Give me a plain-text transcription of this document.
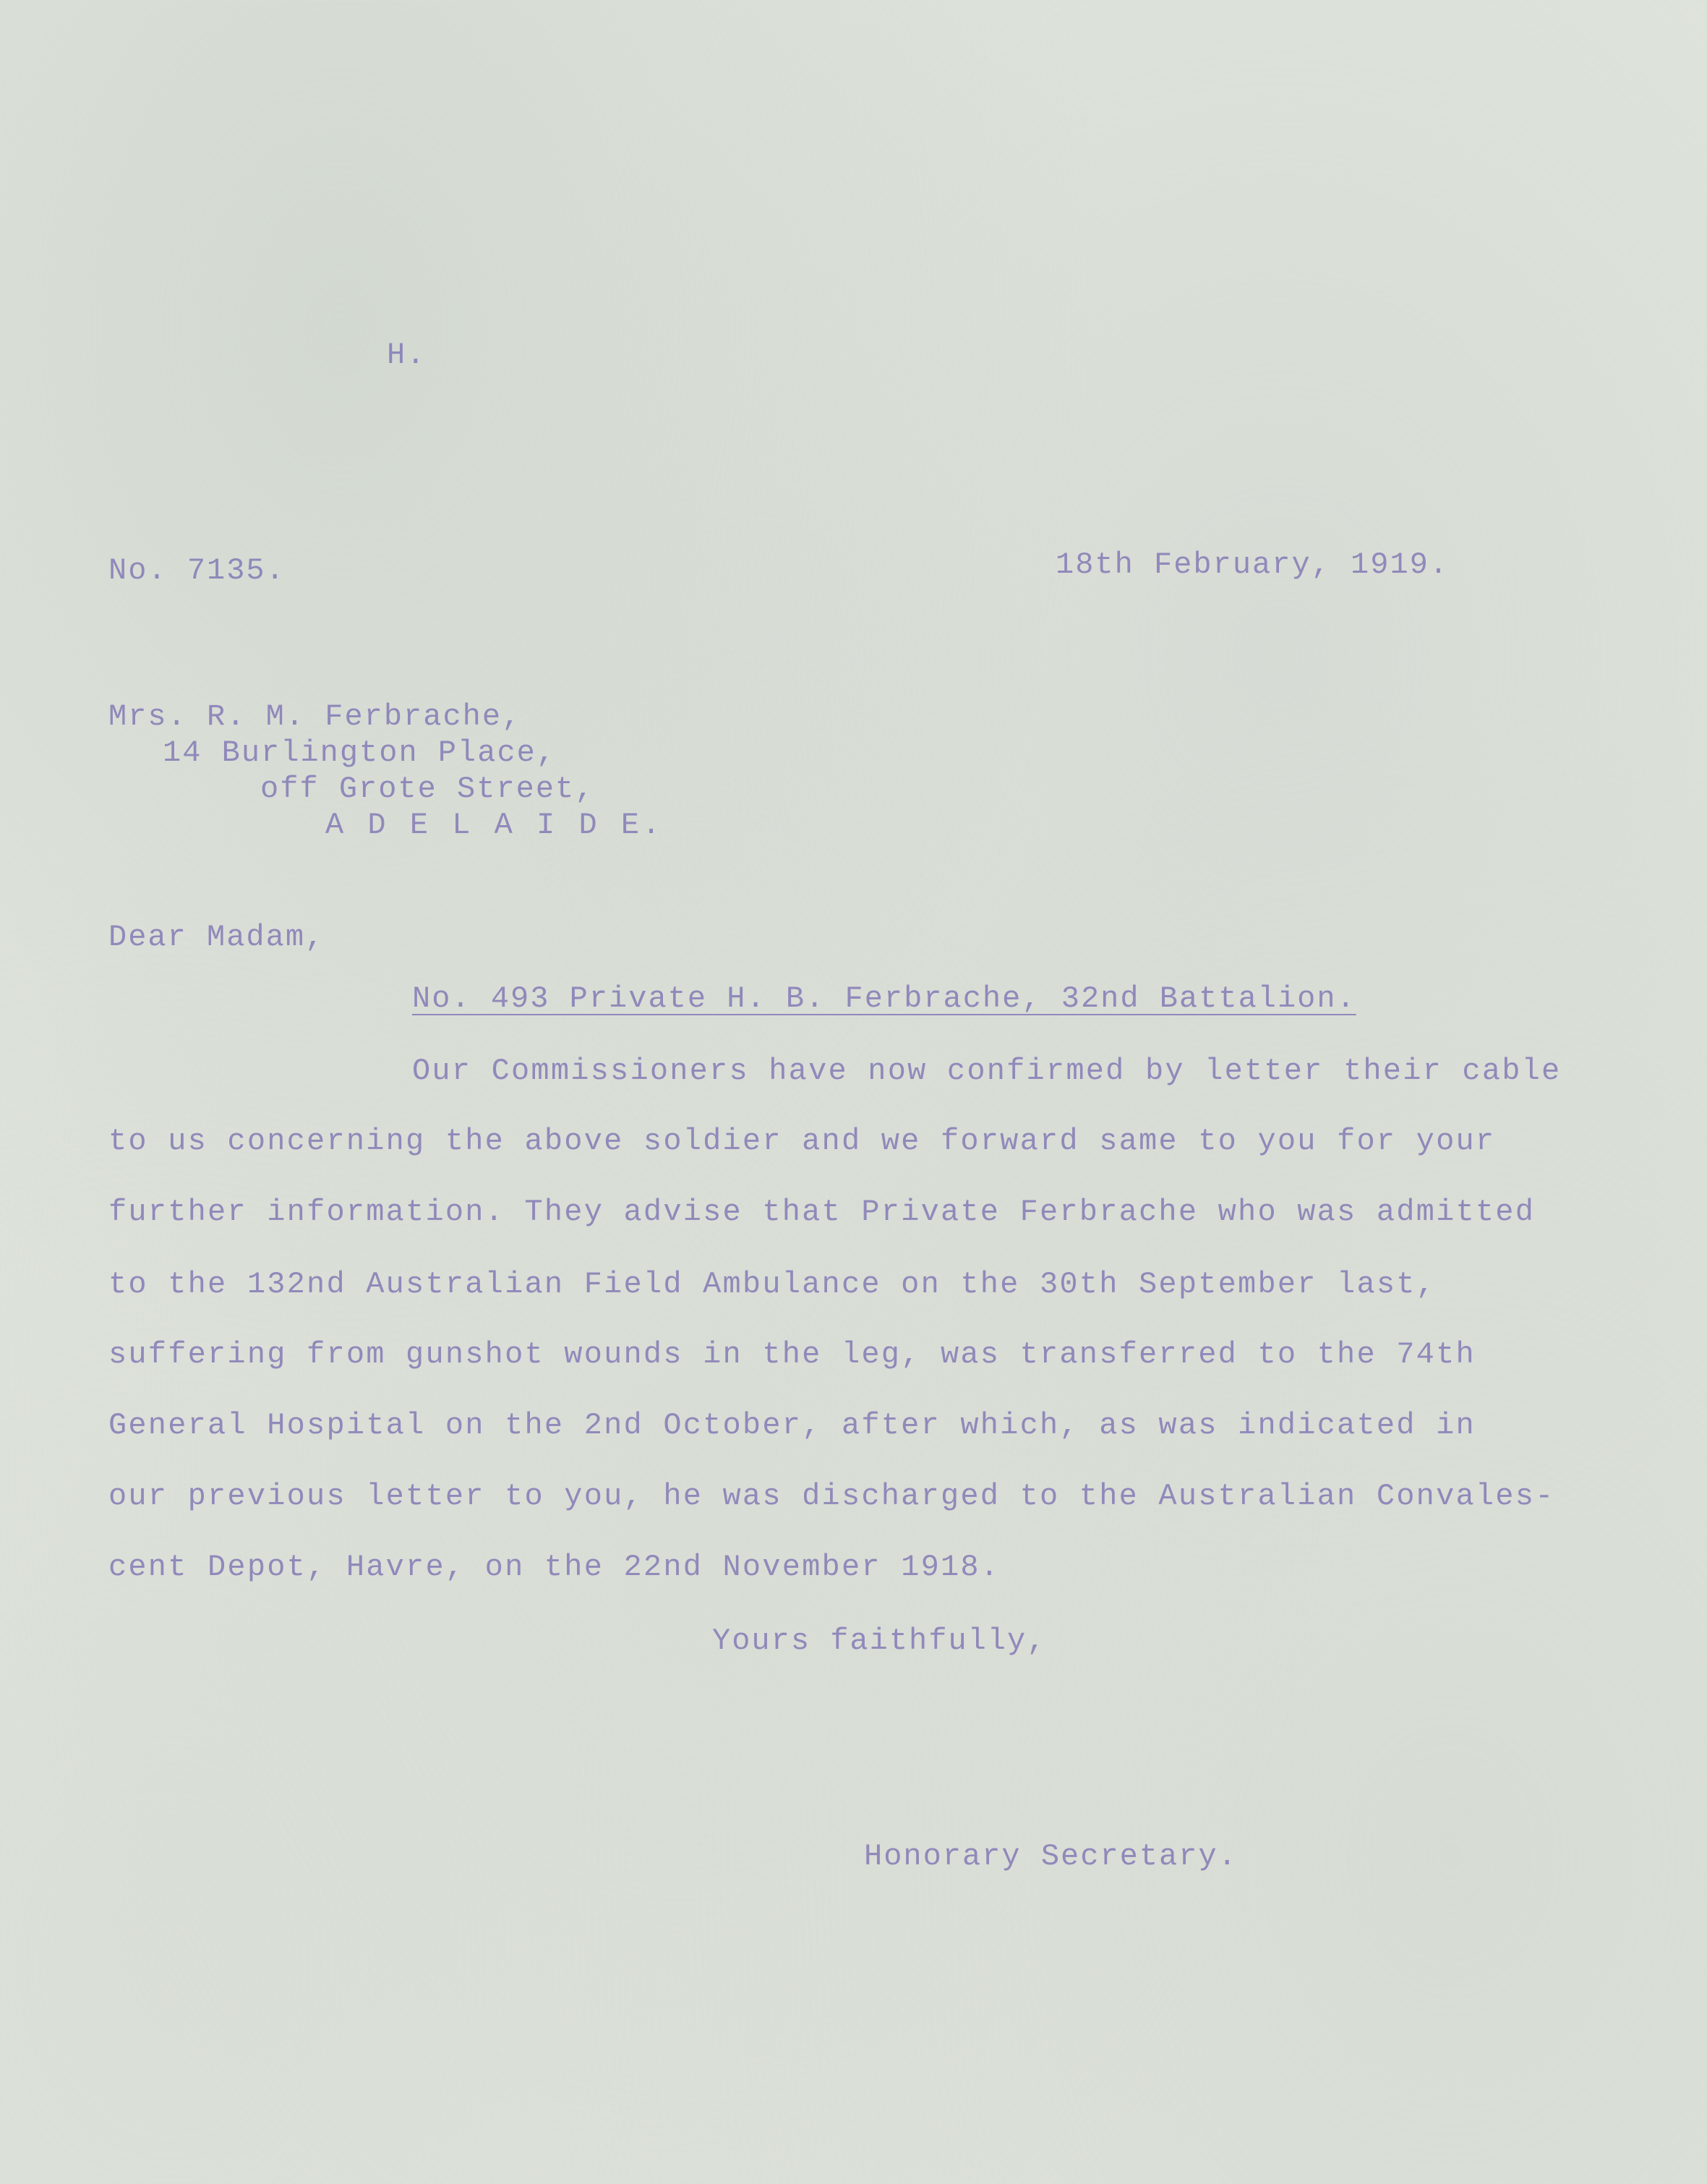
H.
No. 7135.	18th February, 1919.
Mrs. R. M. Ferbrache,
14 Burlington Place,
off Grote Street,
A D E L A I D E.
Dear Madam,
No. 493 Private H. B. Ferbrache, 32nd Battalion.
Our Commissioners have now confirmed by letter their cable
to us concerning the above soldier and we forward same to you for your
further information. They advise that Private Ferbrache who was admitted
to the 132nd Australian Field Ambulance on the 30th September last,
suffering from gunshot wounds in the leg, was transferred to the 74th
General Hospital on the 2nd October, after which, as was indicated in
our previous letter to you, he was discharged to the Australian Convales-
cent Depot, Havre, on the 22nd November 1918.
Yours faithfully,
Honorary Secretary.
